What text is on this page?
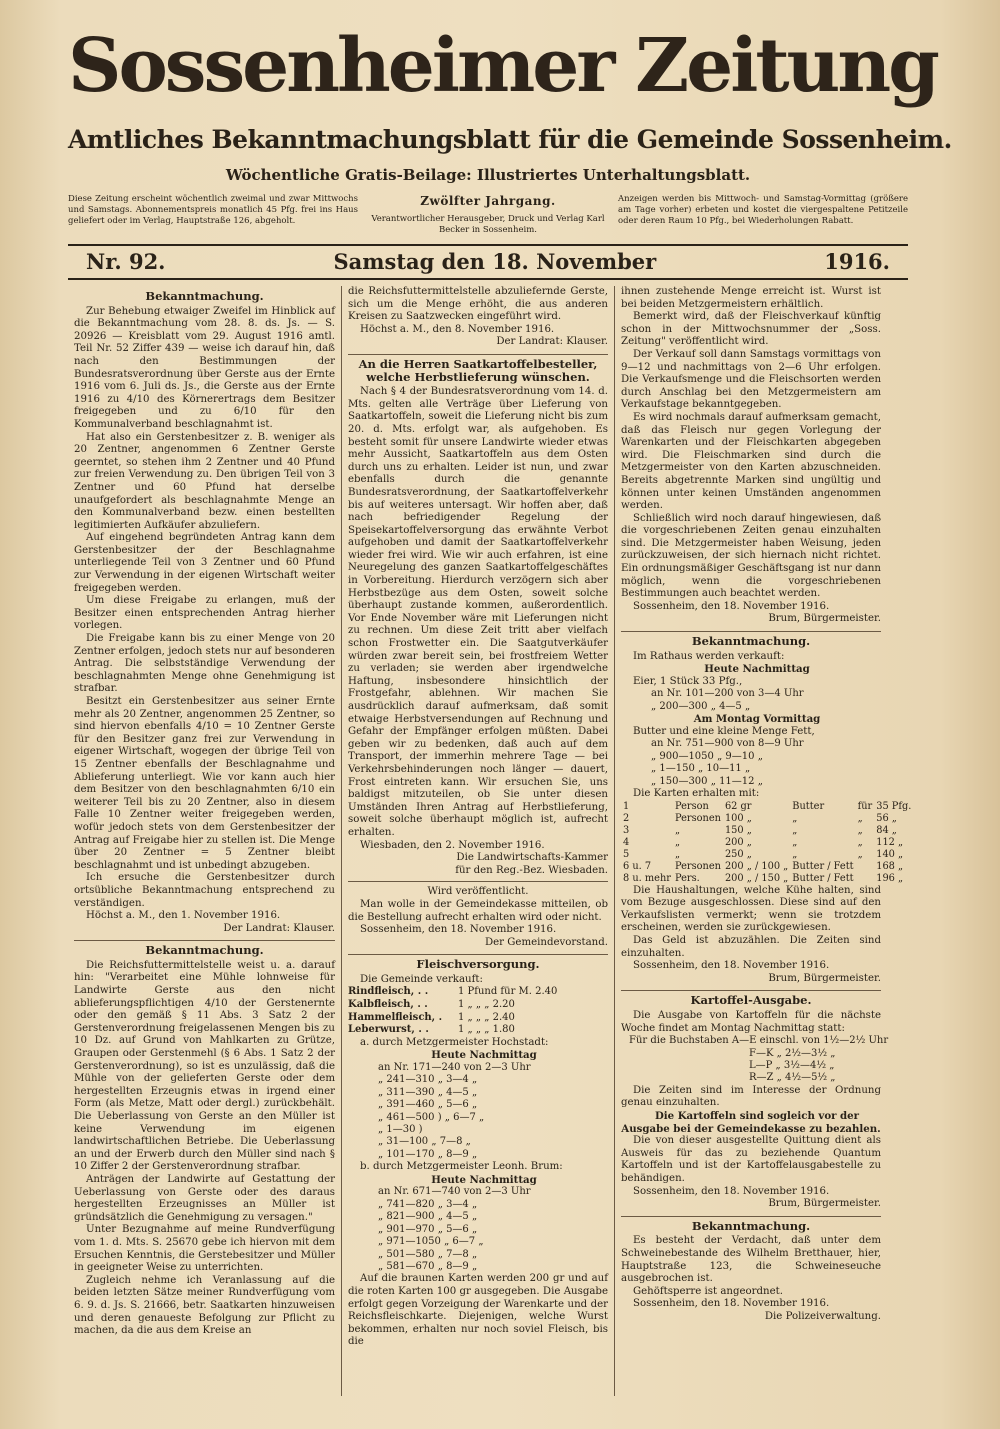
Sossenheimer Zeitung
Amtliches Bekanntmachungsblatt für die Gemeinde Sossenheim.
Wöchentliche Gratis-Beilage: Illustriertes Unterhaltungsblatt.
Diese Zeitung erscheint wöchentlich zweimal und zwar Mittwochs und Samstags. Abonnementspreis monatlich 45 Pfg. frei ins Haus geliefert oder im Verlag, Hauptstraße 126, abgeholt.
Zwölfter Jahrgang.
Verantwortlicher Herausgeber, Druck und Verlag Karl Becker in Sossenheim.
Anzeigen werden bis Mittwoch- und Samstag-Vormittag (größere am Tage vorher) erbeten und kostet die viergespaltene Petitzeile oder deren Raum 10 Pfg., bei Wiederholungen Rabatt.
Nr. 92.	Samstag den 18. November	1916.
Bekanntmachung.

Zur Behebung etwaiger Zweifel im Hinblick auf die Bekanntmachung vom 28. 8. ds. Js. — S. 20926 — Kreisblatt vom 29. August 1916 amtl. Teil Nr. 52 Ziffer 439 — weise ich darauf hin, daß nach den Bestimmungen der Bundesratsverordnung über Gerste aus der Ernte 1916 vom 6. Juli ds. Js., die Gerste aus der Ernte 1916 zu 4/10 des Körnerertrags dem Besitzer freigegeben und zu 6/10 für den Kommunalverband beschlagnahmt ist.

Hat also ein Gerstenbesitzer z. B. weniger als 20 Zentner, angenommen 6 Zentner Gerste geerntet, so stehen ihm 2 Zentner und 40 Pfund zur freien Verwendung zu. Den übrigen Teil von 3 Zentner und 60 Pfund hat derselbe unaufgefordert als beschlagnahmte Menge an den Kommunalverband bezw. einen bestellten legitimierten Aufkäufer abzuliefern.

Auf eingehend begründeten Antrag kann dem Gerstenbesitzer der der Beschlagnahme unterliegende Teil von 3 Zentner und 60 Pfund zur Verwendung in der eigenen Wirtschaft weiter freigegeben werden.

Um diese Freigabe zu erlangen, muß der Besitzer einen entsprechenden Antrag hierher vorlegen.

Die Freigabe kann bis zu einer Menge von 20 Zentner erfolgen, jedoch stets nur auf besonderen Antrag. Die selbstständige Verwendung der beschlagnahmten Menge ohne Genehmigung ist strafbar.

Besitzt ein Gerstenbesitzer aus seiner Ernte mehr als 20 Zentner, angenommen 25 Zentner, so sind hiervon ebenfalls 4/10 = 10 Zentner Gerste für den Besitzer ganz frei zur Verwendung in eigener Wirtschaft, wogegen der übrige Teil von 15 Zentner ebenfalls der Beschlagnahme und Ablieferung unterliegt. Wie vor kann auch hier dem Besitzer von den beschlagnahmten 6/10 ein weiterer Teil bis zu 20 Zentner, also in diesem Falle 10 Zentner weiter freigegeben werden, wofür jedoch stets von dem Gerstenbesitzer der Antrag auf Freigabe hier zu stellen ist. Die Menge über 20 Zentner = 5 Zentner bleibt beschlagnahmt und ist unbedingt abzugeben.

Ich ersuche die Gerstenbesitzer durch ortsübliche Bekanntmachung entsprechend zu verständigen.

Höchst a. M., den 1. November 1916.

Der Landrat: Klauser.

Bekanntmachung.

Die Reichsfuttermittelstelle weist u. a. darauf hin: "Verarbeitet eine Mühle lohnweise für Landwirte Gerste aus den nicht ablieferungspflichtigen 4/10 der Gerstenernte oder den gemäß § 11 Abs. 3 Satz 2 der Gerstenverordnung freigelassenen Mengen bis zu 10 Dz. auf Grund von Mahlkarten zu Grütze, Graupen oder Gerstenmehl (§ 6 Abs. 1 Satz 2 der Gerstenverordnung), so ist es unzulässig, daß die Mühle von der gelieferten Gerste oder dem hergestellten Erzeugnis etwas in irgend einer Form (als Metze, Matt oder dergl.) zurückbehält. Die Ueberlassung von Gerste an den Müller ist keine Verwendung im eigenen landwirtschaftlichen Betriebe. Die Ueberlassung an und der Erwerb durch den Müller sind nach § 10 Ziffer 2 der Gerstenverordnung strafbar.

Anträgen der Landwirte auf Gestattung der Ueberlassung von Gerste oder des daraus hergestellten Erzeugnisses an Müller ist gründsätzlich die Genehmigung zu versagen."

Unter Bezugnahme auf meine Rundverfügung vom 1. d. Mts. S. 25670 gebe ich hiervon mit dem Ersuchen Kenntnis, die Gerstebesitzer und Müller in geeigneter Weise zu unterrichten.

Zugleich nehme ich Veranlassung auf die beiden letzten Sätze meiner Rundverfügung vom 6. 9. d. Js. S. 21666, betr. Saatkarten hinzuweisen und deren genaueste Befolgung zur Pflicht zu machen, da die aus dem Kreise an

die Reichsfuttermittelstelle abzuliefernde Gerste, sich um die Menge erhöht, die aus anderen Kreisen zu Saatzwecken eingeführt wird.

Höchst a. M., den 8. November 1916.

Der Landrat: Klauser.

An die Herren Saatkartoffelbesteller, welche Herbstlieferung wünschen.

Nach § 4 der Bundesratsverordnung vom 14. d. Mts. gelten alle Verträge über Lieferung von Saatkartoffeln, soweit die Lieferung nicht bis zum 20. d. Mts. erfolgt war, als aufgehoben. Es besteht somit für unsere Landwirte wieder etwas mehr Aussicht, Saatkartoffeln aus dem Osten durch uns zu erhalten. Leider ist nun, und zwar ebenfalls durch die genannte Bundesratsverordnung, der Saatkartoffelverkehr bis auf weiteres untersagt. Wir hoffen aber, daß nach befriedigender Regelung der Speisekartoffelversorgung das erwähnte Verbot aufgehoben und damit der Saatkartoffelverkehr wieder frei wird. Wie wir auch erfahren, ist eine Neuregelung des ganzen Saatkartoffelgeschäftes in Vorbereitung. Hierdurch verzögern sich aber Herbstbezüge aus dem Osten, soweit solche überhaupt zustande kommen, außerordentlich. Vor Ende November wäre mit Lieferungen nicht zu rechnen. Um diese Zeit tritt aber vielfach schon Frostwetter ein. Die Saatgutverkäufer würden zwar bereit sein, bei frostfreiem Wetter zu verladen; sie werden aber irgendwelche Haftung, insbesondere hinsichtlich der Frostgefahr, ablehnen. Wir machen Sie ausdrücklich darauf aufmerksam, daß somit etwaige Herbstversendungen auf Rechnung und Gefahr der Empfänger erfolgen müßten. Dabei geben wir zu bedenken, daß auch auf dem Transport, der immerhin mehrere Tage — bei Verkehrsbehinderungen noch länger — dauert, Frost eintreten kann. Wir ersuchen Sie, uns baldigst mitzuteilen, ob Sie unter diesen Umständen Ihren Antrag auf Herbstlieferung, soweit solche überhaupt möglich ist, aufrecht erhalten.

Wiesbaden, den 2. November 1916.

Die Landwirtschafts-Kammer

für den Reg.-Bez. Wiesbaden.

Wird veröffentlicht.

Man wolle in der Gemeindekasse mitteilen, ob die Bestellung aufrecht erhalten wird oder nicht.

Sossenheim, den 18. November 1916.

Der Gemeindevorstand.

Fleischversorgung.

Die Gemeinde verkauft:

Rindfleisch, . .	1 Pfund für M. 2.40
Kalbfleisch, . .	1 „ „ „ 2.20
Hammelfleisch, .	1 „ „ „ 2.40
Leberwurst, . .	1 „ „ „ 1.80

a. durch Metzgermeister Hochstadt:

Heute Nachmittag

an Nr. 171—240 von 2—3 Uhr
„ 241—310 „ 3—4 „
„ 311—390 „ 4—5 „
„ 391—460 „ 5—6 „
„ 461—500 ) „ 6—7 „
„ 1—30 )
„ 31—100 „ 7—8 „
„ 101—170 „ 8—9 „

b. durch Metzgermeister Leonh. Brum:

Heute Nachmittag

an Nr. 671—740 von 2—3 Uhr
„ 741—820 „ 3—4 „
„ 821—900 „ 4—5 „
„ 901—970 „ 5—6 „
„ 971—1050 „ 6—7 „
„ 501—580 „ 7—8 „
„ 581—670 „ 8—9 „

Auf die braunen Karten werden 200 gr und auf die roten Karten 100 gr ausgegeben. Die Ausgabe erfolgt gegen Vorzeigung der Warenkarte und der Reichsfleischkarte. Diejenigen, welche Wurst bekommen, erhalten nur noch soviel Fleisch, bis die

ihnen zustehende Menge erreicht ist. Wurst ist bei beiden Metzgermeistern erhältlich.

Bemerkt wird, daß der Fleischverkauf künftig schon in der Mittwochsnummer der „Soss. Zeitung" veröffentlicht wird.

Der Verkauf soll dann Samstags vormittags von 9—12 und nachmittags von 2—6 Uhr erfolgen. Die Verkaufsmenge und die Fleischsorten werden durch Anschlag bei den Metzgermeistern am Verkaufstage bekanntgegeben.

Es wird nochmals darauf aufmerksam gemacht, daß das Fleisch nur gegen Vorlegung der Warenkarten und der Fleischkarten abgegeben wird. Die Fleischmarken sind durch die Metzgermeister von den Karten abzuschneiden. Bereits abgetrennte Marken sind ungültig und können unter keinen Umständen angenommen werden.

Schließlich wird noch darauf hingewiesen, daß die vorgeschriebenen Zeiten genau einzuhalten sind. Die Metzgermeister haben Weisung, jeden zurückzuweisen, der sich hiernach nicht richtet. Ein ordnungsmäßiger Geschäftsgang ist nur dann möglich, wenn die vorgeschriebenen Bestimmungen auch beachtet werden.

Sossenheim, den 18. November 1916.

Brum, Bürgermeister.

Bekanntmachung.

Im Rathaus werden verkauft:

Heute Nachmittag

Eier, 1 Stück 33 Pfg.,

an Nr. 101—200 von 3—4 Uhr
„ 200—300 „ 4—5 „

Am Montag Vormittag

Butter und eine kleine Menge Fett,

an Nr. 751—900 von 8—9 Uhr
„ 900—1050 „ 9—10 „
„ 1—150 „ 10—11 „
„ 150—300 „ 11—12 „

Die Karten erhalten mit:

1	Person	62 gr	Butter	für	35 Pfg.
2	Personen	100 „	„	„	56 „
3	„	150 „	„	„	84 „
4	„	200 „	„	„	112 „
5	„	250 „	„	„	140 „
6 u. 7	Personen	200 „ / 100 „	Butter / Fett		168 „
8 u. mehr	Pers.	200 „ / 150 „	Butter / Fett		196 „

Die Haushaltungen, welche Kühe halten, sind vom Bezuge ausgeschlossen. Diese sind auf den Verkaufslisten vermerkt; wenn sie trotzdem erscheinen, werden sie zurückgewiesen.

Das Geld ist abzuzählen. Die Zeiten sind einzuhalten.

Sossenheim, den 18. November 1916.

Brum, Bürgermeister.

Kartoffel-Ausgabe.

Die Ausgabe von Kartoffeln für die nächste Woche findet am Montag Nachmittag statt:

Für die Buchstaben A—E einschl. von 1½—2½ Uhr
F—K „ 2½—3½ „
L—P „ 3½—4½ „
R—Z „ 4½—5½ „

Die Zeiten sind im Interesse der Ordnung genau einzuhalten.

Die Kartoffeln sind sogleich vor der Ausgabe bei der Gemeindekasse zu bezahlen.

Die von dieser ausgestellte Quittung dient als Ausweis für das zu beziehende Quantum Kartoffeln und ist der Kartoffelausgabestelle zu behändigen.

Sossenheim, den 18. November 1916.

Brum, Bürgermeister.

Bekanntmachung.

Es besteht der Verdacht, daß unter dem Schweinebestande des Wilhelm Bretthauer, hier, Hauptstraße 123, die Schweineseuche ausgebrochen ist.

Gehöftsperre ist angeordnet.

Sossenheim, den 18. November 1916.

Die Polizeiverwaltung.
